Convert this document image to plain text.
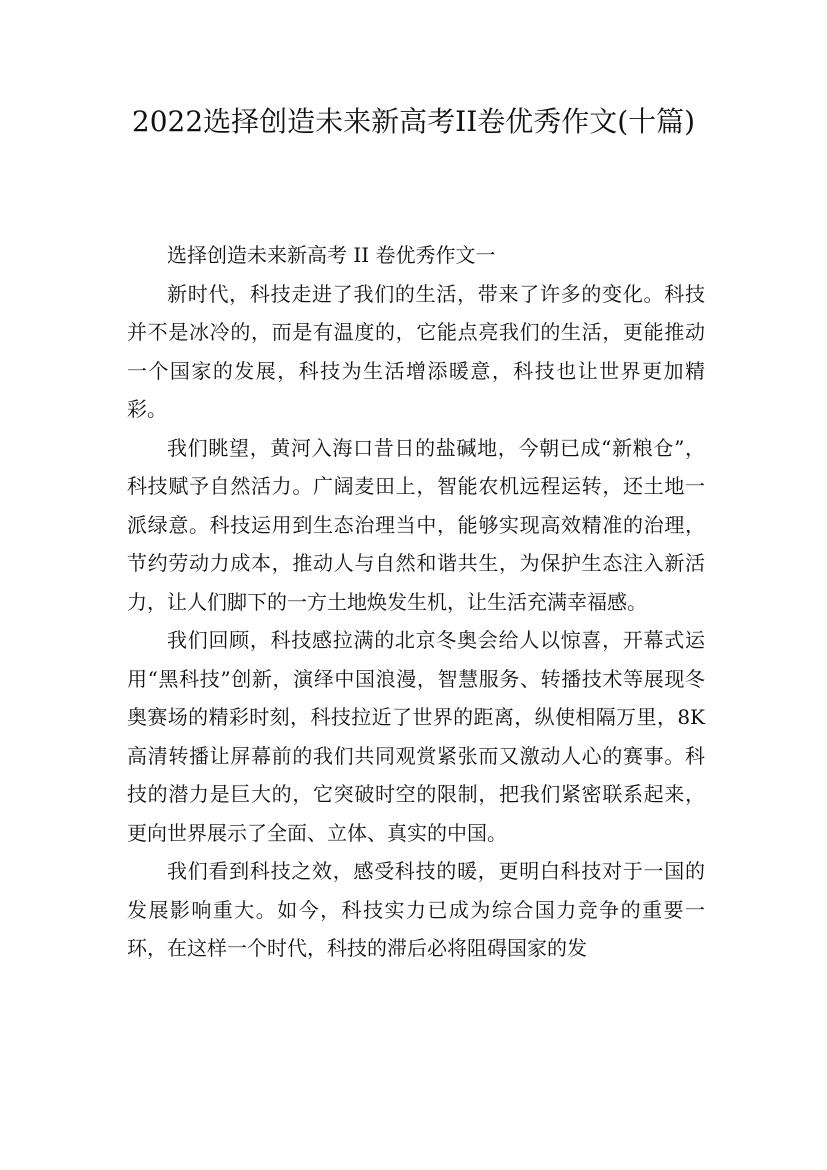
2022选择创造未来新高考II卷优秀作文(十篇)

选择创造未来新高考 II 卷优秀作文一

新时代，科技走进了我们的生活，带来了许多的变化。科技并不是冰冷的，而是有温度的，它能点亮我们的生活，更能推动一个国家的发展，科技为生活增添暖意，科技也让世界更加精彩。

我们眺望，黄河入海口昔日的盐碱地，今朝已成“新粮仓”，科技赋予自然活力。广阔麦田上，智能农机远程运转，还土地一派绿意。科技运用到生态治理当中，能够实现高效精准的治理，节约劳动力成本，推动人与自然和谐共生，为保护生态注入新活力，让人们脚下的一方土地焕发生机，让生活充满幸福感。

我们回顾，科技感拉满的北京冬奥会给人以惊喜，开幕式运用“黑科技”创新，演绎中国浪漫，智慧服务、转播技术等展现冬奥赛场的精彩时刻，科技拉近了世界的距离，纵使相隔万里，8K 高清转播让屏幕前的我们共同观赏紧张而又激动人心的赛事。科技的潜力是巨大的，它突破时空的限制，把我们紧密联系起来，更向世界展示了全面、立体、真实的中国。

我们看到科技之效，感受科技的暖，更明白科技对于一国的发展影响重大。如今，科技实力已成为综合国力竞争的重要一环，在这样一个时代，科技的滞后必将阻碍国家的发
